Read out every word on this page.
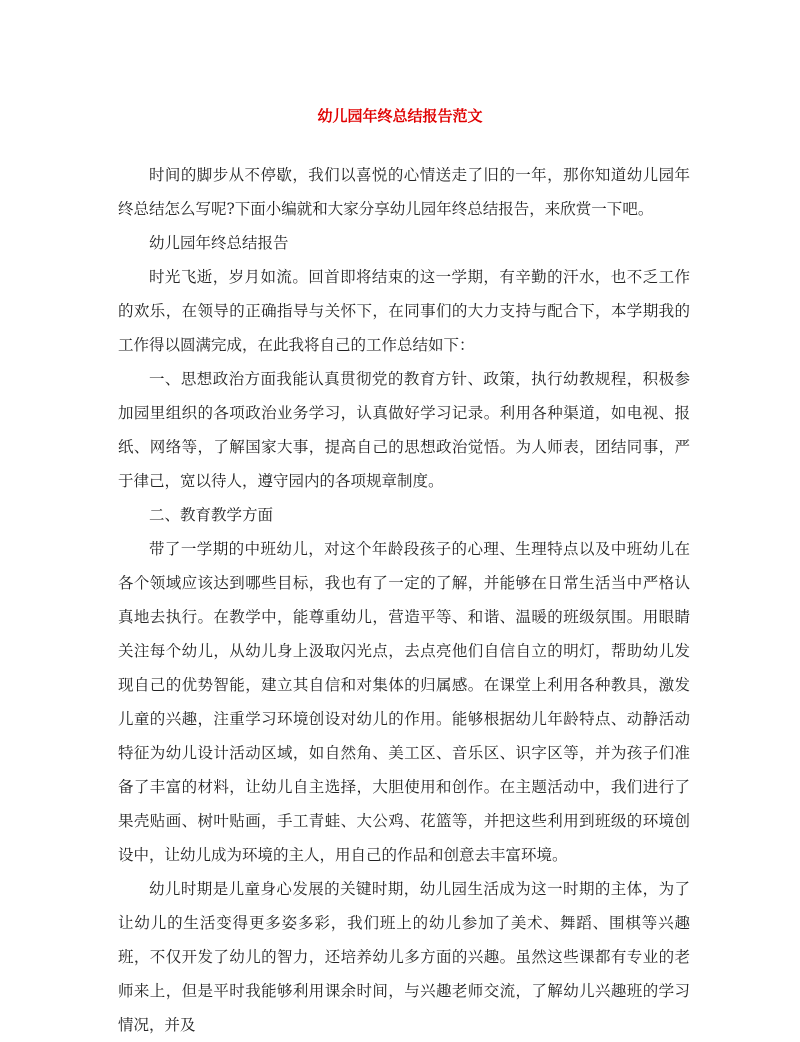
幼儿园年终总结报告范文

时间的脚步从不停歇，我们以喜悦的心情送走了旧的一年，那你知道幼儿园年终总结怎么写呢?下面小编就和大家分享幼儿园年终总结报告，来欣赏一下吧。

幼儿园年终总结报告

时光飞逝，岁月如流。回首即将结束的这一学期，有辛勤的汗水，也不乏工作的欢乐，在领导的正确指导与关怀下，在同事们的大力支持与配合下，本学期我的工作得以圆满完成，在此我将自己的工作总结如下：

一、思想政治方面我能认真贯彻党的教育方针、政策，执行幼教规程，积极参加园里组织的各项政治业务学习，认真做好学习记录。利用各种渠道，如电视、报纸、网络等，了解国家大事，提高自己的思想政治觉悟。为人师表，团结同事，严于律己，宽以待人，遵守园内的各项规章制度。

二、教育教学方面

带了一学期的中班幼儿，对这个年龄段孩子的心理、生理特点以及中班幼儿在各个领域应该达到哪些目标，我也有了一定的了解，并能够在日常生活当中严格认真地去执行。在教学中，能尊重幼儿，营造平等、和谐、温暖的班级氛围。用眼睛关注每个幼儿，从幼儿身上汲取闪光点，去点亮他们自信自立的明灯，帮助幼儿发现自己的优势智能，建立其自信和对集体的归属感。在课堂上利用各种教具，激发儿童的兴趣，注重学习环境创设对幼儿的作用。能够根据幼儿年龄特点、动静活动特征为幼儿设计活动区域，如自然角、美工区、音乐区、识字区等，并为孩子们准备了丰富的材料，让幼儿自主选择，大胆使用和创作。在主题活动中，我们进行了果壳贴画、树叶贴画，手工青蛙、大公鸡、花篮等，并把这些利用到班级的环境创设中，让幼儿成为环境的主人，用自己的作品和创意去丰富环境。

幼儿时期是儿童身心发展的关键时期，幼儿园生活成为这一时期的主体，为了让幼儿的生活变得更多姿多彩，我们班上的幼儿参加了美术、舞蹈、围棋等兴趣班，不仅开发了幼儿的智力，还培养幼儿多方面的兴趣。虽然这些课都有专业的老师来上，但是平时我能够利用课余时间，与兴趣老师交流，了解幼儿兴趣班的学习情况，并及
